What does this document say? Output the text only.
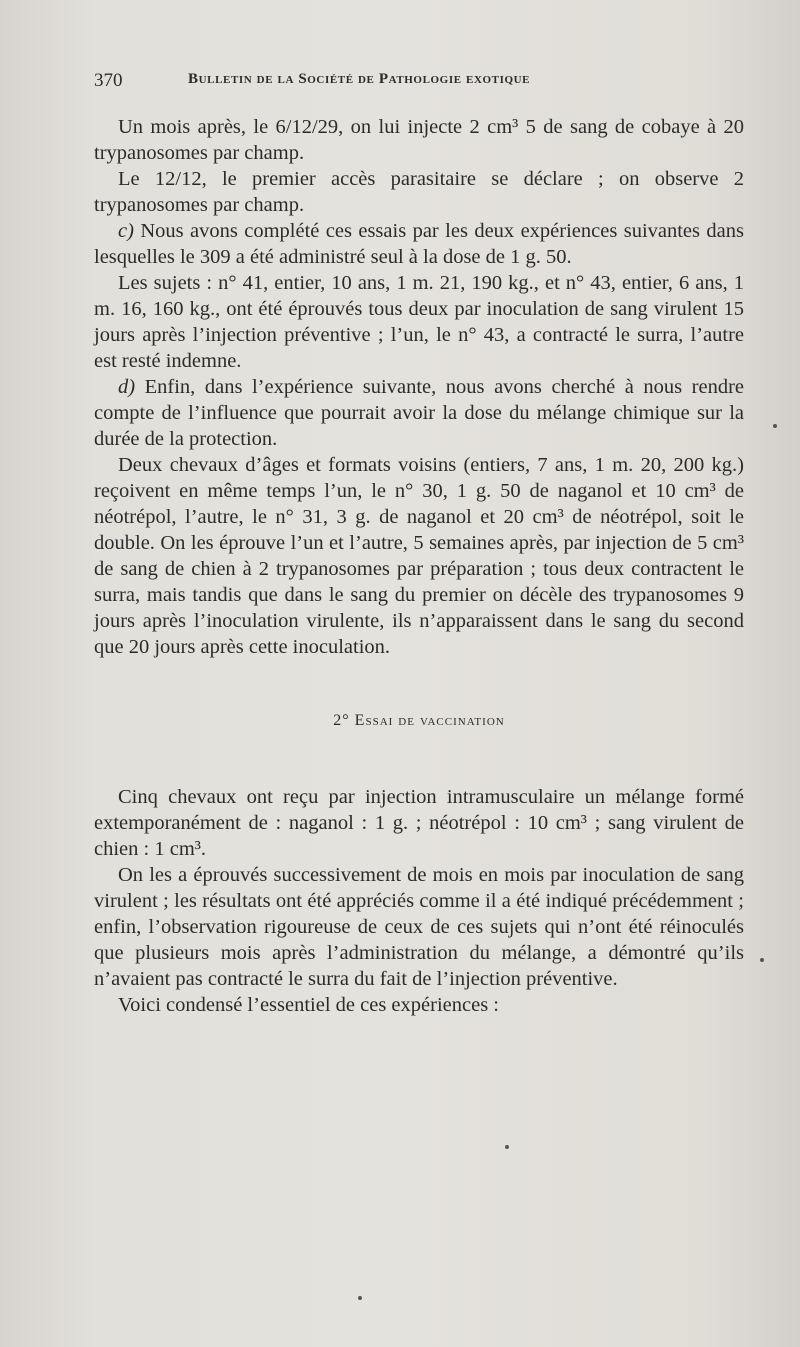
370	Bulletin de la Société de Pathologie exotique

Un mois après, le 6/12/29, on lui injecte 2 cm³ 5 de sang de cobaye à 20 trypanosomes par champ.

Le 12/12, le premier accès parasitaire se déclare ; on observe 2 trypanosomes par champ.

c) Nous avons complété ces essais par les deux expériences suivantes dans lesquelles le 309 a été administré seul à la dose de 1 g. 50.

Les sujets : n° 41, entier, 10 ans, 1 m. 21, 190 kg., et n° 43, entier, 6 ans, 1 m. 16, 160 kg., ont été éprouvés tous deux par inoculation de sang virulent 15 jours après l’injection préventive ; l’un, le n° 43, a contracté le surra, l’autre est resté indemne.

d) Enfin, dans l’expérience suivante, nous avons cherché à nous rendre compte de l’influence que pourrait avoir la dose du mélange chimique sur la durée de la protection.

Deux chevaux d’âges et formats voisins (entiers, 7 ans, 1 m. 20, 200 kg.) reçoivent en même temps l’un, le n° 30, 1 g. 50 de naganol et 10 cm³ de néotrépol, l’autre, le n° 31, 3 g. de naganol et 20 cm³ de néotrépol, soit le double. On les éprouve l’un et l’autre, 5 semaines après, par injection de 5 cm³ de sang de chien à 2 trypanosomes par préparation ; tous deux contractent le surra, mais tandis que dans le sang du premier on décèle des trypanosomes 9 jours après l’inoculation virulente, ils n’apparaissent dans le sang du second que 20 jours après cette inoculation.

2° Essai de vaccination

Cinq chevaux ont reçu par injection intramusculaire un mélange formé extemporanément de : naganol : 1 g. ; néotrépol : 10 cm³ ; sang virulent de chien : 1 cm³.

On les a éprouvés successivement de mois en mois par inoculation de sang virulent ; les résultats ont été appréciés comme il a été indiqué précédemment ; enfin, l’observation rigoureuse de ceux de ces sujets qui n’ont été réinoculés que plusieurs mois après l’administration du mélange, a démontré qu’ils n’avaient pas contracté le surra du fait de l’injection préventive.

Voici condensé l’essentiel de ces expériences :
